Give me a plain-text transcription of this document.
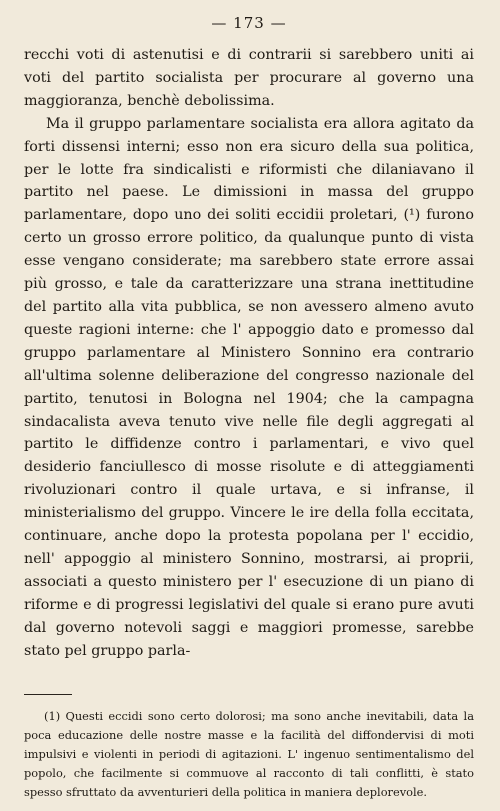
— 173 —

recchi voti di astenutisi e di contrarii si sarebbero uniti ai voti del partito socialista per procurare al governo una maggioranza, benchè debolissima.

Ma il gruppo parlamentare socialista era allora agitato da forti dissensi interni; esso non era sicuro della sua politica, per le lotte fra sindicalisti e riformisti che dilaniavano il partito nel paese. Le dimissioni in massa del gruppo parlamentare, dopo uno dei soliti eccidii proletari, (¹) furono certo un grosso errore politico, da qualunque punto di vista esse vengano considerate; ma sarebbero state errore assai più grosso, e tale da caratterizzare una strana inettitudine del partito alla vita pubblica, se non avessero almeno avuto queste ragioni interne: che l' appoggio dato e promesso dal gruppo parlamentare al Ministero Sonnino era contrario all'ultima solenne deliberazione del congresso nazionale del partito, tenutosi in Bologna nel 1904; che la campagna sindacalista aveva tenuto vive nelle file degli aggregati al partito le diffidenze contro i parlamentari, e vivo quel desiderio fanciullesco di mosse risolute e di atteggiamenti rivoluzionari contro il quale urtava, e si infranse, il ministerialismo del gruppo. Vincere le ire della folla eccitata, continuare, anche dopo la protesta popolana per l' eccidio, nell' appoggio al ministero Sonnino, mostrarsi, ai proprii, associati a questo ministero per l' esecuzione di un piano di riforme e di progressi legislativi del quale si erano pure avuti dal governo notevoli saggi e maggiori promesse, sarebbe stato pel gruppo parla-

(1) Questi eccidi sono certo dolorosi; ma sono anche inevitabili, data la poca educazione delle nostre masse e la facilità del diffondervisi di moti impulsivi e violenti in periodi di agitazioni. L' ingenuo sentimentalismo del popolo, che facilmente si commuove al racconto di tali conflitti, è stato spesso sfruttato da avventurieri della politica in maniera deplorevole.
